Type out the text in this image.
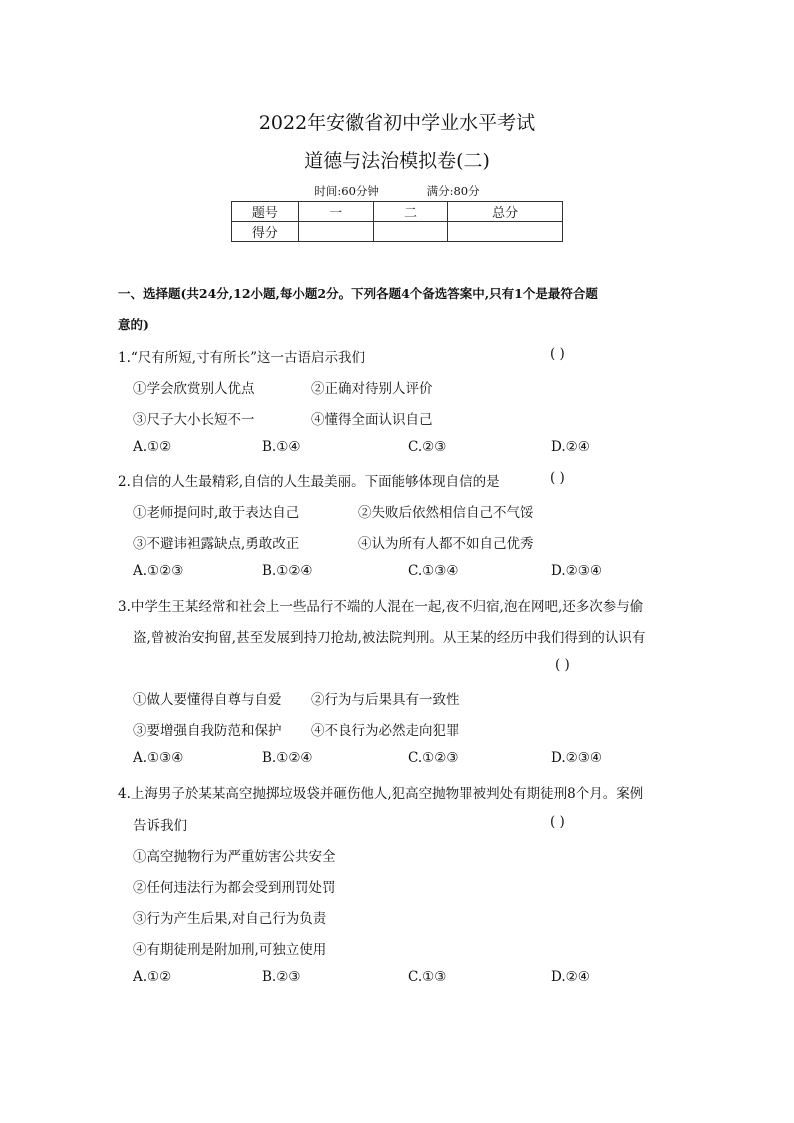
2022年安徽省初中学业水平考试
道德与法治模拟卷(二)
时间:60分钟	满分:80分
题号	一	二	总分
得分			
一、选择题(共24分,12小题,每小题2分。下列各题4个备选答案中,只有1个是最符合题
意的)
1.“尺有所短,寸有所长”这一古语启示我们	( )
①学会欣赏别人优点	②正确对待别人评价
③尺子大小长短不一	④懂得全面认识自己
A.①②	B.①④	C.②③	D.②④
2.自信的人生最精彩,自信的人生最美丽。下面能够体现自信的是	( )
①老师提问时,敢于表达自己	②失败后依然相信自己不气馁
③不避讳袒露缺点,勇敢改正	④认为所有人都不如自己优秀
A.①②③	B.①②④	C.①③④	D.②③④
3.中学生王某经常和社会上一些品行不端的人混在一起,夜不归宿,泡在网吧,还多次参与偷
盗,曾被治安拘留,甚至发展到持刀抢劫,被法院判刑。从王某的经历中我们得到的认识有
( )
①做人要懂得自尊与自爱 ②行为与后果具有一致性
③要增强自我防范和保护 ④不良行为必然走向犯罪
A.①③④	B.①②④	C.①②③	D.②③④
4.上海男子於某某高空抛掷垃圾袋并砸伤他人,犯高空抛物罪被判处有期徒刑8个月。案例
告诉我们	( )
①高空抛物行为严重妨害公共安全
②任何违法行为都会受到刑罚处罚
③行为产生后果,对自己行为负责
④有期徒刑是附加刑,可独立使用
A.①②	B.②③	C.①③	D.②④
